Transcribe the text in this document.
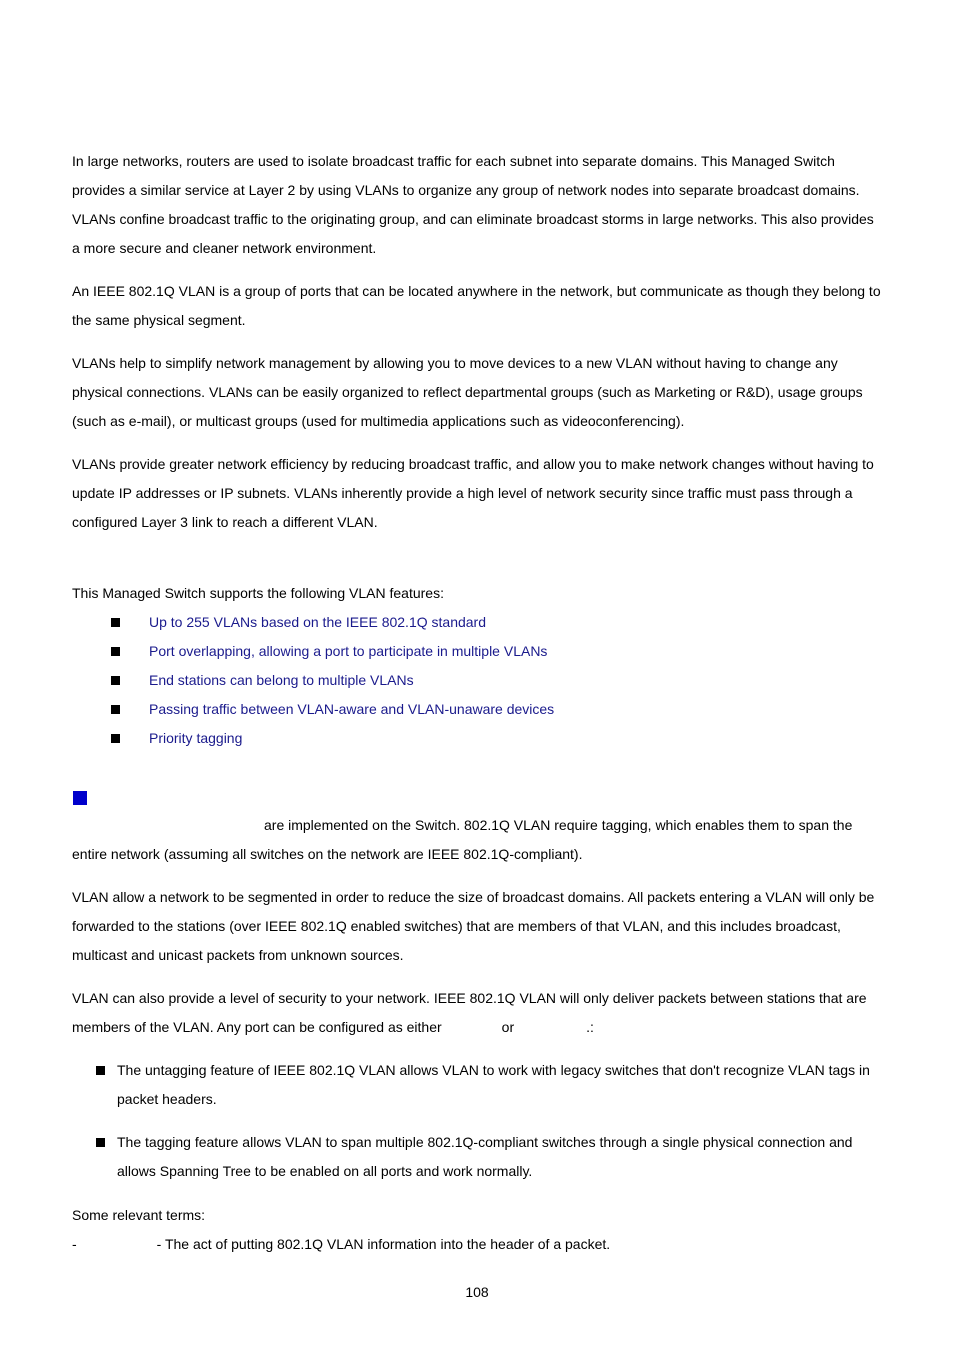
In large networks, routers are used to isolate broadcast traffic for each subnet into separate domains. This Managed Switch provides a similar service at Layer 2 by using VLANs to organize any group of network nodes into separate broadcast domains. VLANs confine broadcast traffic to the originating group, and can eliminate broadcast storms in large networks. This also provides a more secure and cleaner network environment.

An IEEE 802.1Q VLAN is a group of ports that can be located anywhere in the network, but communicate as though they belong to the same physical segment.

VLANs help to simplify network management by allowing you to move devices to a new VLAN without having to change any physical connections. VLANs can be easily organized to reflect departmental groups (such as Marketing or R&D), usage groups (such as e-mail), or multicast groups (used for multimedia applications such as videoconferencing).

VLANs provide greater network efficiency by reducing broadcast traffic, and allow you to make network changes without having to update IP addresses or IP subnets. VLANs inherently provide a high level of network security since traffic must pass through a configured Layer 3 link to reach a different VLAN.

This Managed Switch supports the following VLAN features:

Up to 255 VLANs based on the IEEE 802.1Q standard
Port overlapping, allowing a port to participate in multiple VLANs
End stations can belong to multiple VLANs
Passing traffic between VLAN-aware and VLAN-unaware devices
Priority tagging

are implemented on the Switch. 802.1Q VLAN require tagging, which enables them to span the entire network (assuming all switches on the network are IEEE 802.1Q-compliant).

VLAN allow a network to be segmented in order to reduce the size of broadcast domains. All packets entering a VLAN will only be forwarded to the stations (over IEEE 802.1Q enabled switches) that are members of that VLAN, and this includes broadcast, multicast and unicast packets from unknown sources.

VLAN can also provide a level of security to your network. IEEE 802.1Q VLAN will only deliver packets between stations that are members of the VLAN. Any port can be configured as either	or	.:

The untagging feature of IEEE 802.1Q VLAN allows VLAN to work with legacy switches that don't recognize VLAN tags in packet headers.

The tagging feature allows VLAN to span multiple 802.1Q-compliant switches through a single physical connection and allows Spanning Tree to be enabled on all ports and work normally.

Some relevant terms:

-	- The act of putting 802.1Q VLAN information into the header of a packet.

108
